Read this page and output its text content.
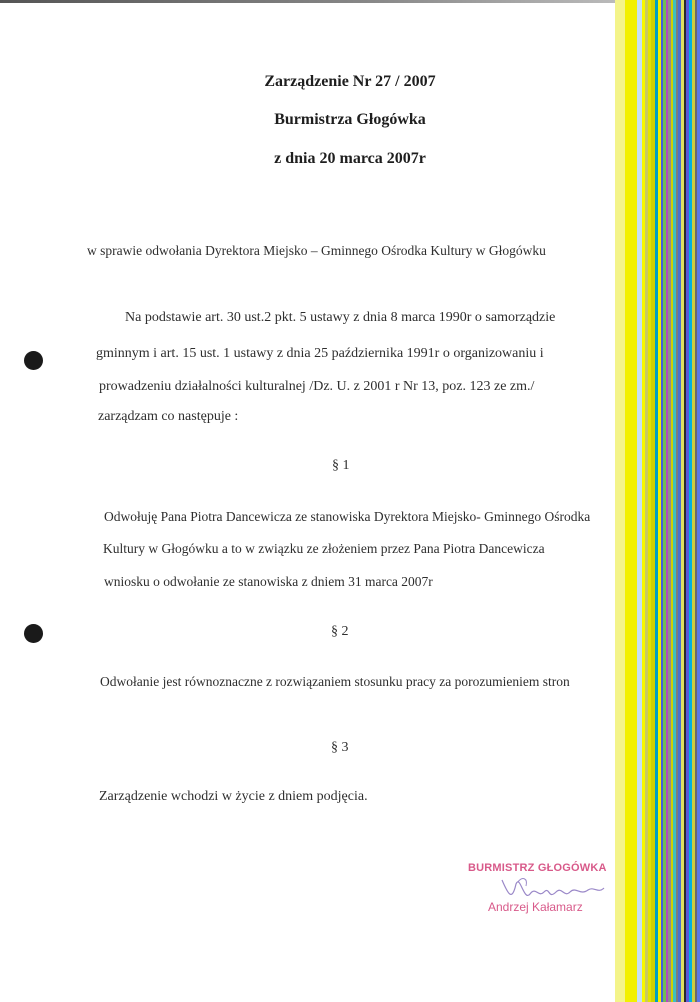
Zarządzenie Nr 27 / 2007

Burmistrza Głogówka

z dnia 20 marca 2007r

w sprawie odwołania Dyrektora Miejsko – Gminnego Ośrodka Kultury w Głogówku

Na podstawie art. 30 ust.2 pkt. 5 ustawy z dnia 8 marca 1990r o samorządzie

gminnym i art. 15 ust. 1 ustawy z dnia 25 października 1991r o organizowaniu i

prowadzeniu działalności kulturalnej /Dz. U. z 2001 r Nr 13, poz. 123 ze zm./

zarządzam co następuje :

§ 1

Odwołuję Pana Piotra Dancewicza ze stanowiska Dyrektora Miejsko- Gminnego Ośrodka

Kultury w Głogówku a to w związku ze złożeniem przez Pana Piotra Dancewicza

wniosku o odwołanie ze stanowiska z dniem 31 marca 2007r

§ 2

Odwołanie jest równoznaczne z rozwiązaniem stosunku pracy za porozumieniem stron

§ 3

Zarządzenie wchodzi w życie z dniem podjęcia.

BURMISTRZ GŁOGÓWKA

Andrzej Kałamarz
